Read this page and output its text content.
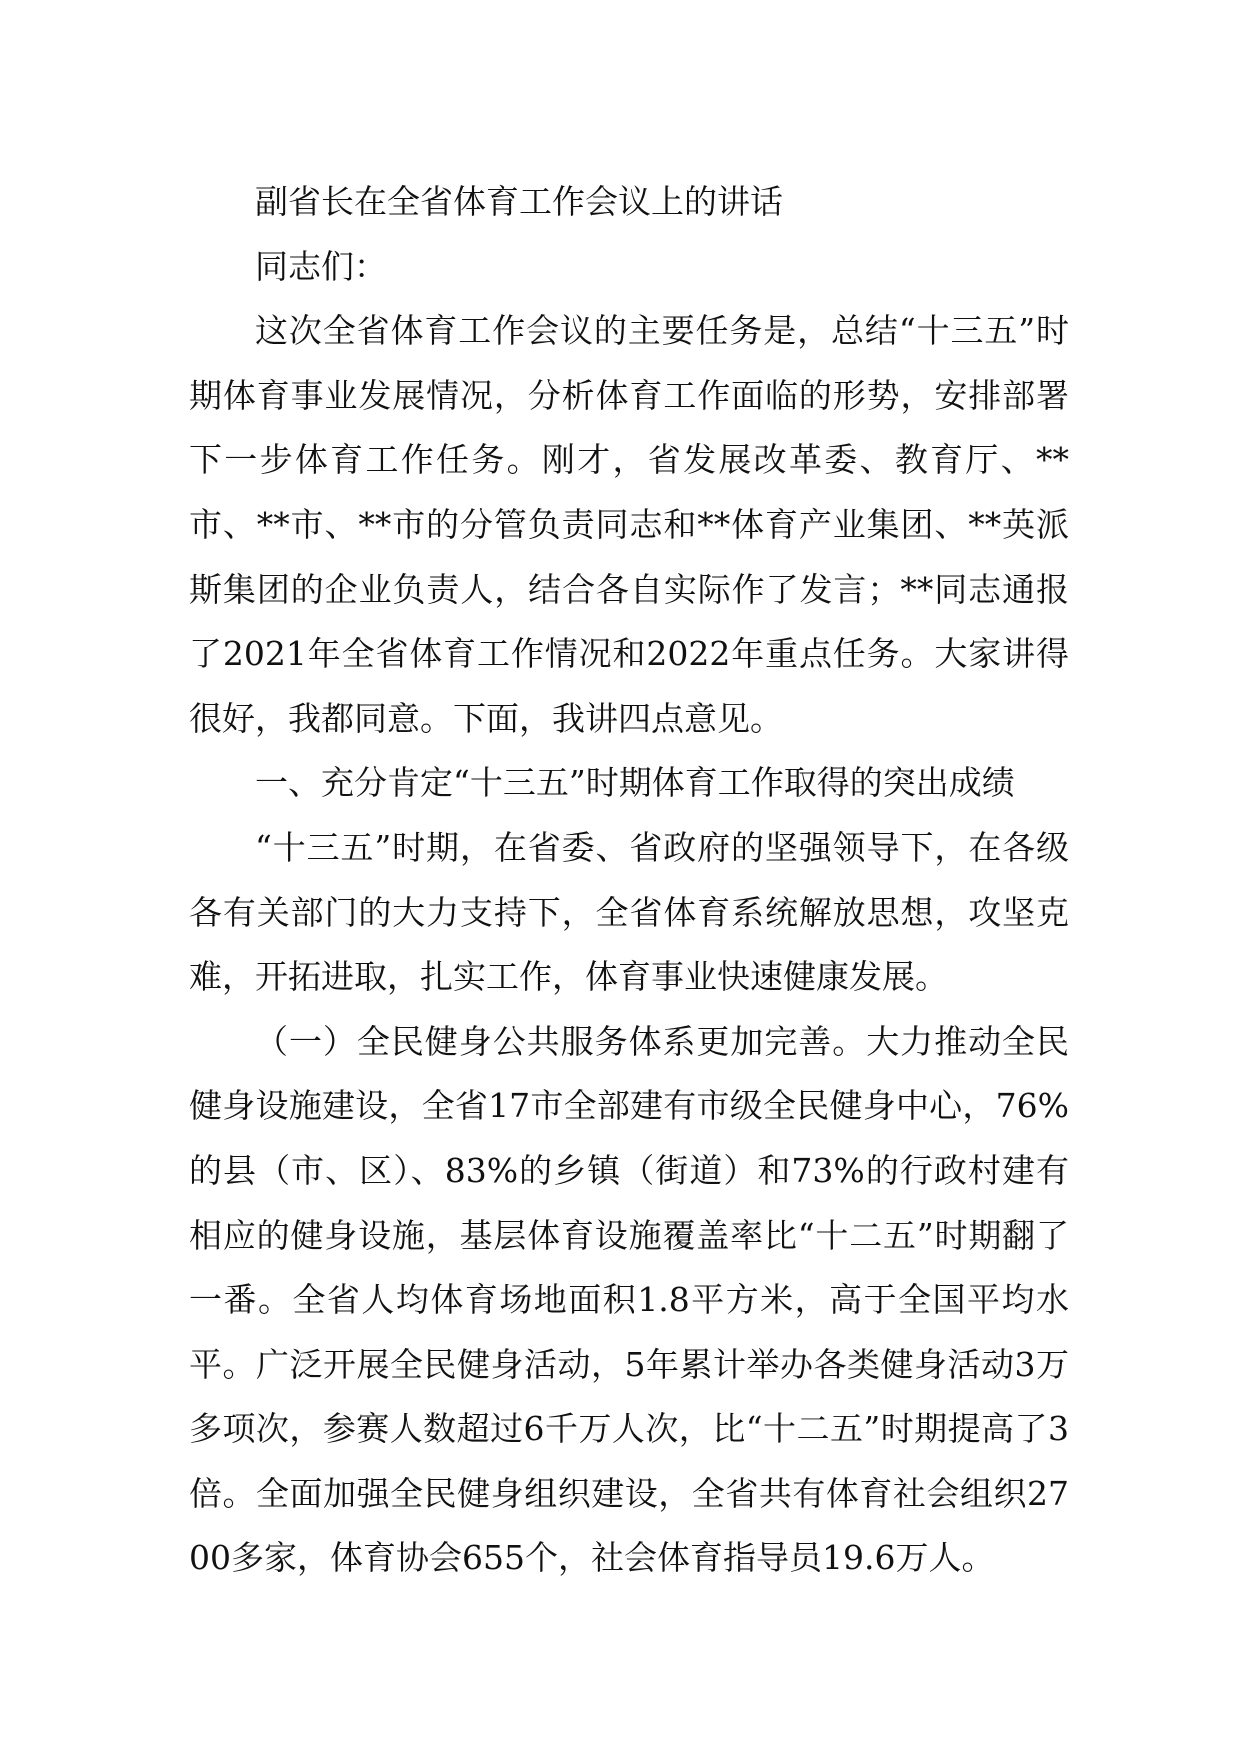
副省长在全省体育工作会议上的讲话

同志们：

这次全省体育工作会议的主要任务是，总结“十三五”时期体育事业发展情况，分析体育工作面临的形势，安排部署下一步体育工作任务。刚才，省发展改革委、教育厅、**市、**市、**市的分管负责同志和**体育产业集团、**英派斯集团的企业负责人，结合各自实际作了发言；**同志通报了2021年全省体育工作情况和2022年重点任务。大家讲得很好，我都同意。下面，我讲四点意见。

一、充分肯定“十三五”时期体育工作取得的突出成绩

“十三五”时期，在省委、省政府的坚强领导下，在各级各有关部门的大力支持下，全省体育系统解放思想，攻坚克难，开拓进取，扎实工作，体育事业快速健康发展。

（一）全民健身公共服务体系更加完善。大力推动全民健身设施建设，全省17市全部建有市级全民健身中心，76%的县（市、区）、83%的乡镇（街道）和73%的行政村建有相应的健身设施，基层体育设施覆盖率比“十二五”时期翻了一番。全省人均体育场地面积1.8平方米，高于全国平均水平。广泛开展全民健身活动，5年累计举办各类健身活动3万多项次，参赛人数超过6千万人次，比“十二五”时期提高了3倍。全面加强全民健身组织建设，全省共有体育社会组织2700多家，体育协会655个，社会体育指导员19.6万人。
